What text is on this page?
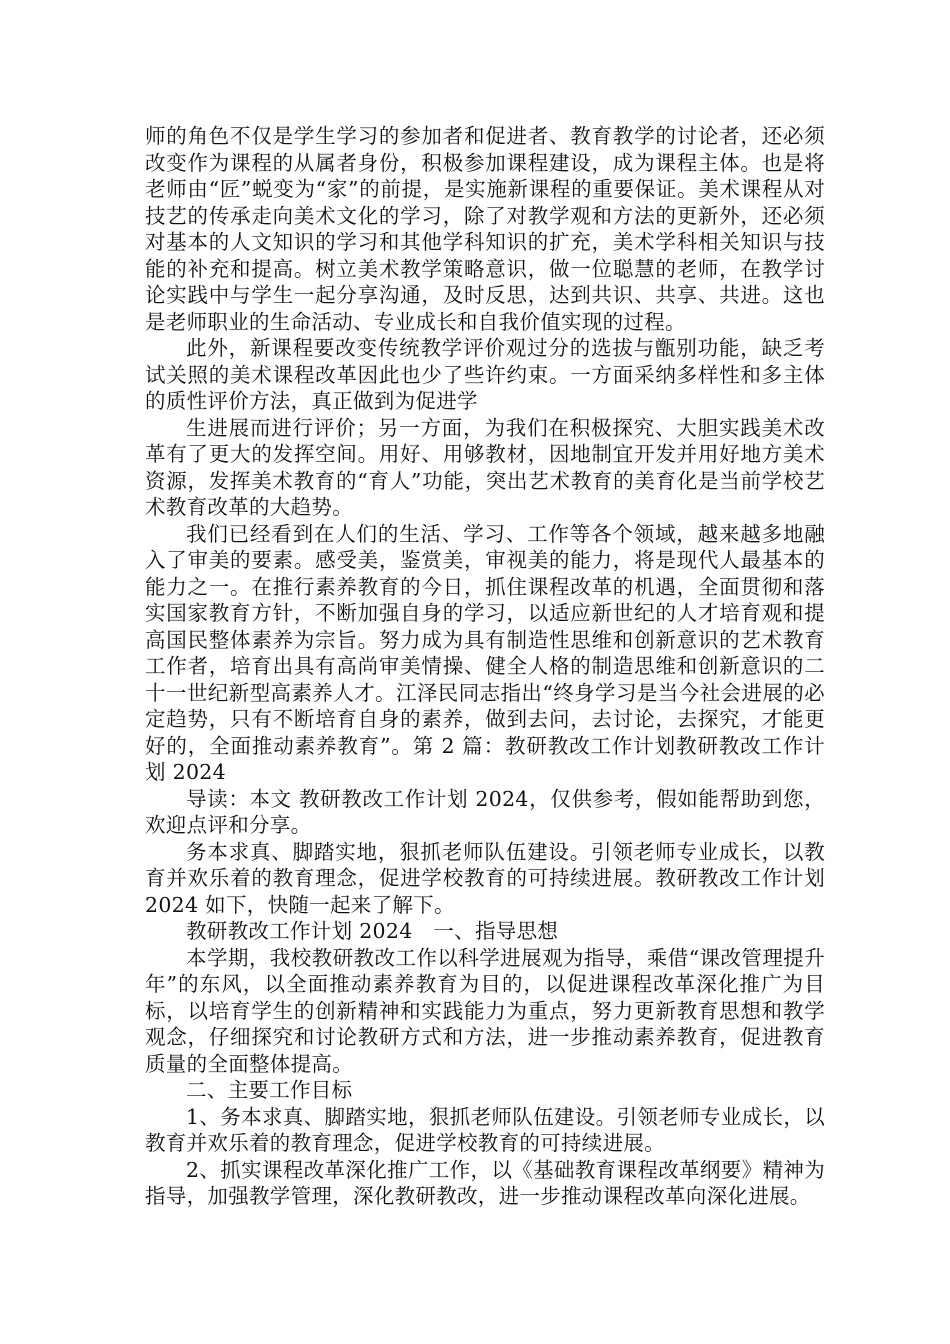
师的角色不仅是学生学习的参加者和促进者、教育教学的讨论者，还必须改变作为课程的从属者身份，积极参加课程建设，成为课程主体。也是将老师由“匠”蜕变为“家”的前提，是实施新课程的重要保证。美术课程从对技艺的传承走向美术文化的学习，除了对教学观和方法的更新外，还必须对基本的人文知识的学习和其他学科知识的扩充，美术学科相关知识与技能的补充和提高。树立美术教学策略意识，做一位聪慧的老师，在教学讨论实践中与学生一起分享沟通，及时反思，达到共识、共享、共进。这也是老师职业的生命活动、专业成长和自我价值实现的过程。

此外，新课程要改变传统教学评价观过分的选拔与甑别功能，缺乏考试关照的美术课程改革因此也少了些许约束。一方面采纳多样性和多主体的质性评价方法，真正做到为促进学

生进展而进行评价；另一方面，为我们在积极探究、大胆实践美术改革有了更大的发挥空间。用好、用够教材，因地制宜开发并用好地方美术资源，发挥美术教育的“育人”功能，突出艺术教育的美育化是当前学校艺术教育改革的大趋势。

我们已经看到在人们的生活、学习、工作等各个领域，越来越多地融入了审美的要素。感受美，鉴赏美，审视美的能力，将是现代人最基本的能力之一。在推行素养教育的今日，抓住课程改革的机遇，全面贯彻和落实国家教育方针，不断加强自身的学习，以适应新世纪的人才培育观和提高国民整体素养为宗旨。努力成为具有制造性思维和创新意识的艺术教育工作者，培育出具有高尚审美情操、健全人格的制造思维和创新意识的二十一世纪新型高素养人才。江泽民同志指出“终身学习是当今社会进展的必定趋势，只有不断培育自身的素养，做到去问，去讨论，去探究，才能更好的，全面推动素养教育”。第 2 篇：教研教改工作计划教研教改工作计划 2024

导读：本文 教研教改工作计划 2024，仅供参考，假如能帮助到您，欢迎点评和分享。

务本求真、脚踏实地，狠抓老师队伍建设。引领老师专业成长，以教育并欢乐着的教育理念，促进学校教育的可持续进展。教研教改工作计划 2024 如下，快随一起来了解下。

教研教改工作计划 2024　一、指导思想

本学期，我校教研教改工作以科学进展观为指导，乘借“课改管理提升年”的东风，以全面推动素养教育为目的，以促进课程改革深化推广为目标，以培育学生的创新精神和实践能力为重点，努力更新教育思想和教学观念，仔细探究和讨论教研方式和方法，进一步推动素养教育，促进教育质量的全面整体提高。

二、主要工作目标

1、务本求真、脚踏实地，狠抓老师队伍建设。引领老师专业成长，以教育并欢乐着的教育理念，促进学校教育的可持续进展。

2、抓实课程改革深化推广工作，以《基础教育课程改革纲要》精神为指导，加强教学管理，深化教研教改，进一步推动课程改革向深化进展。
